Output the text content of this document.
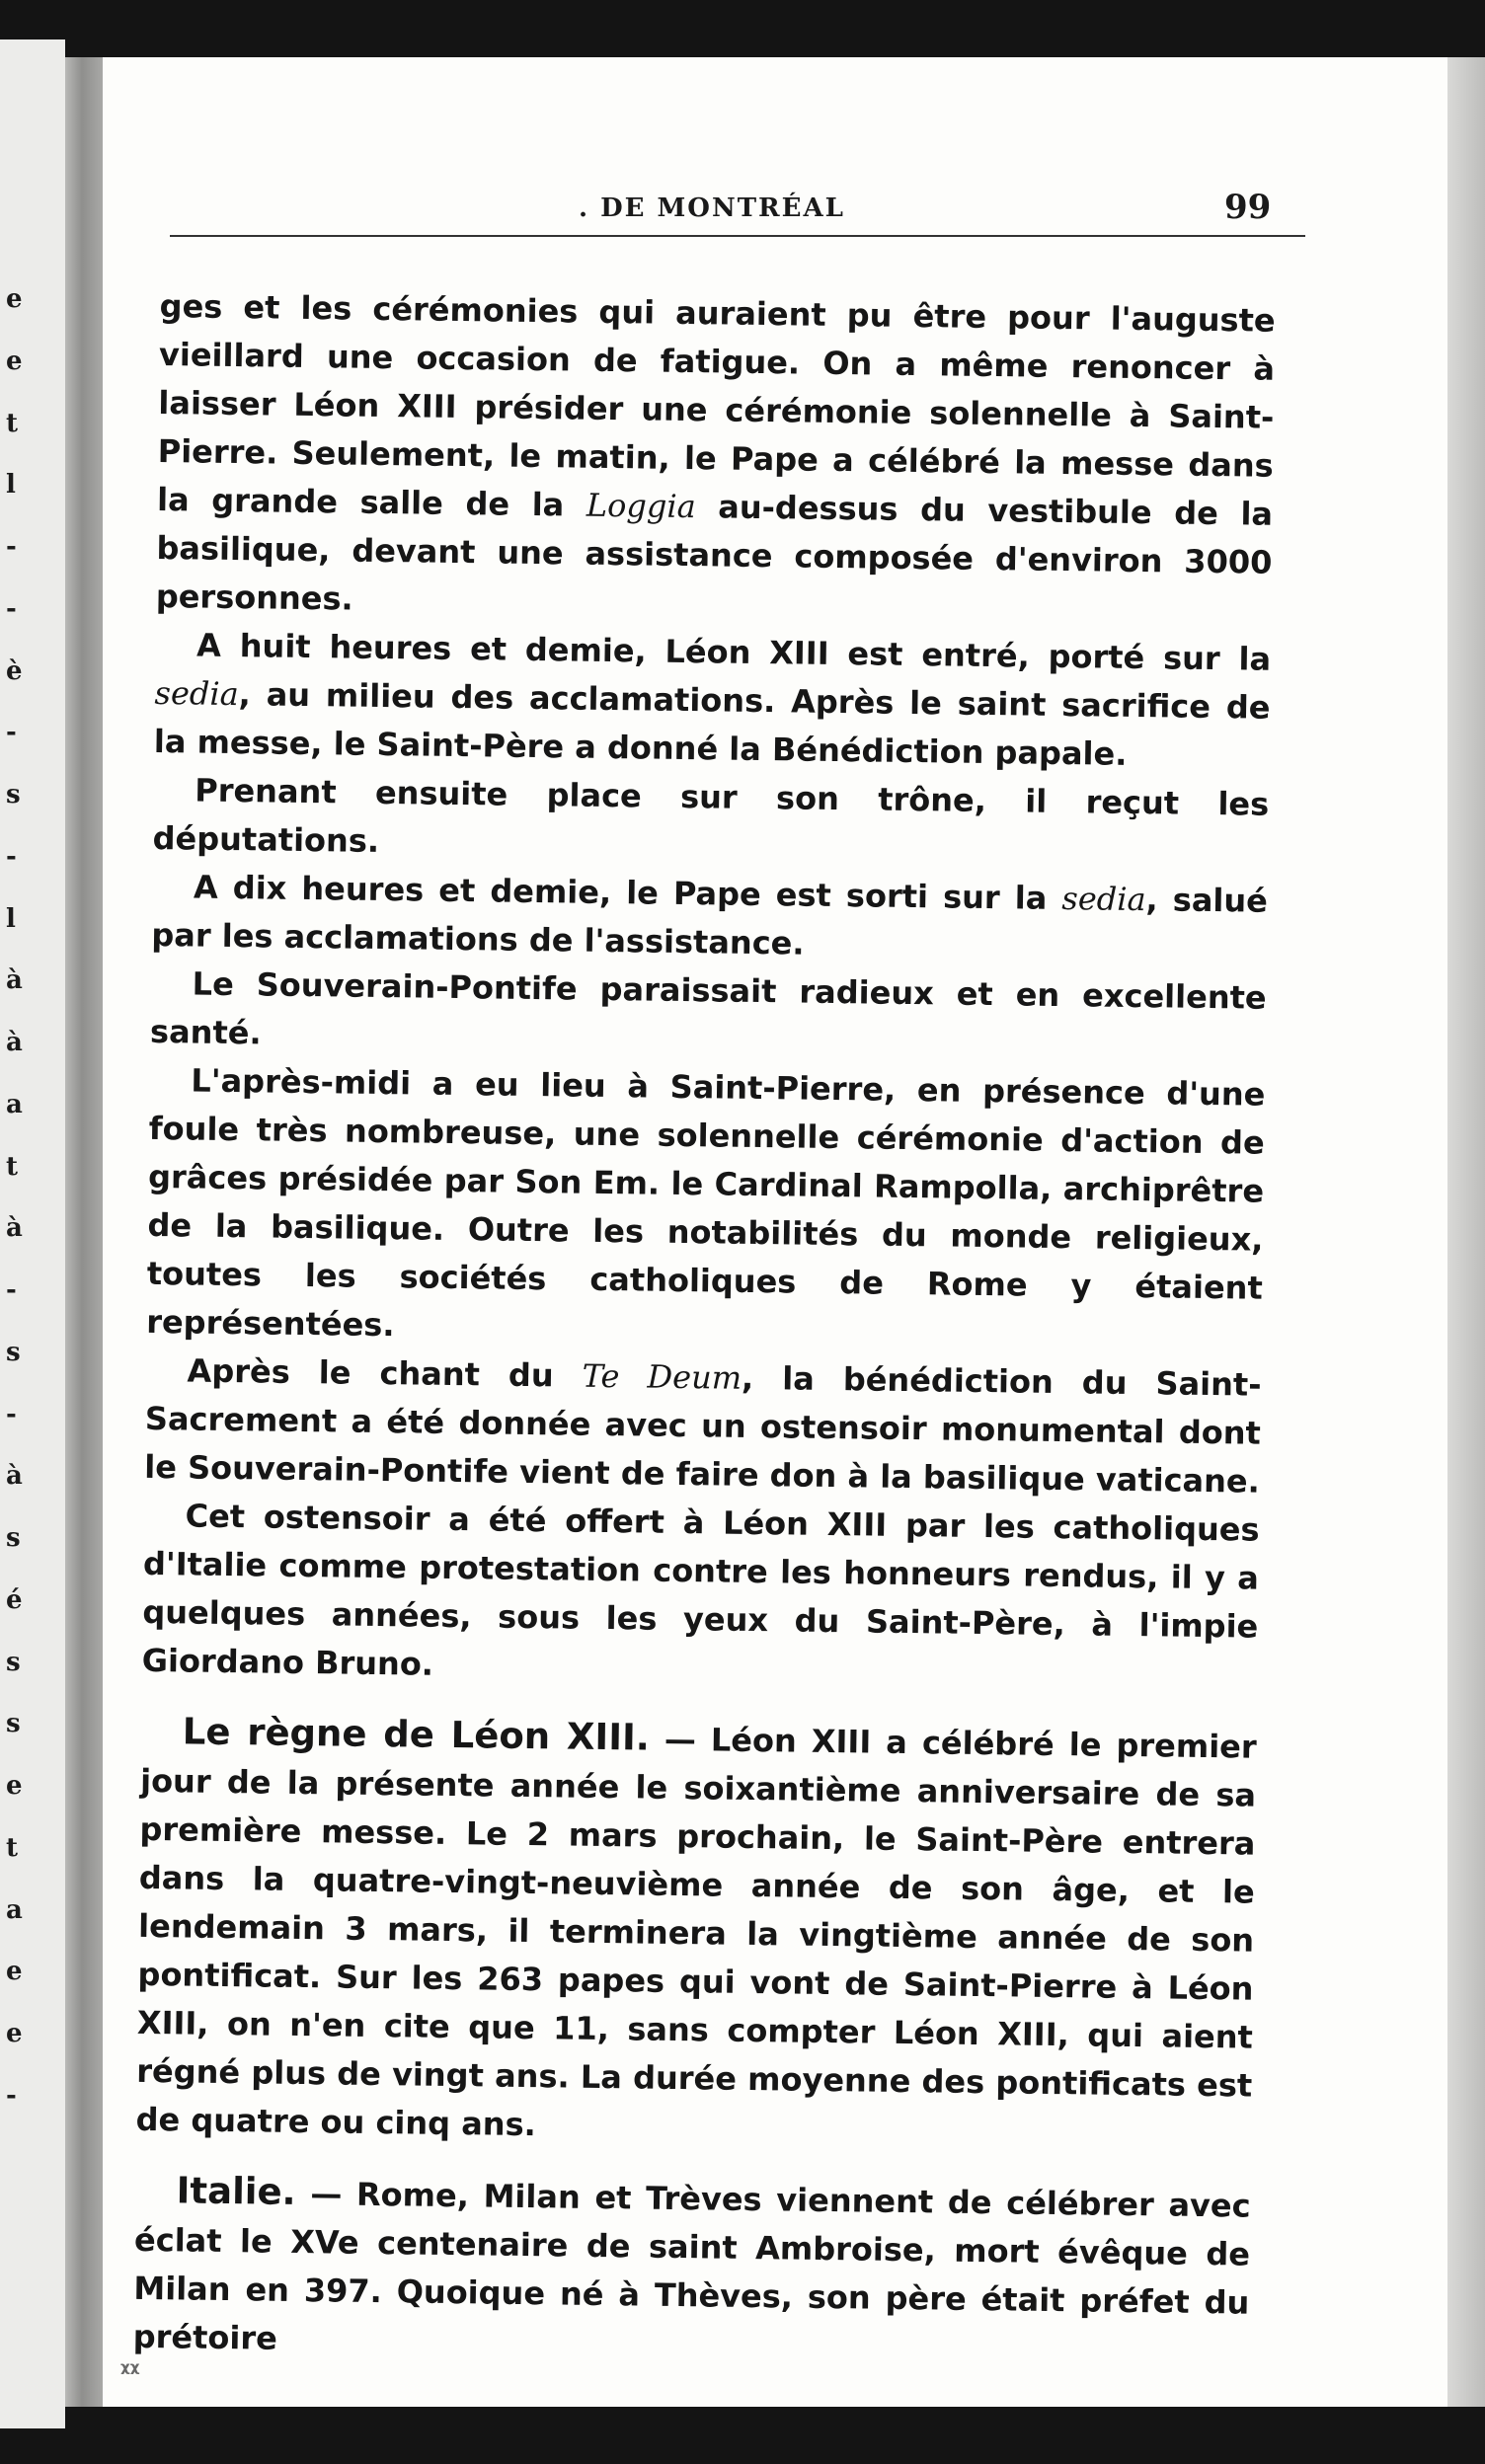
e
e
t
l
-
-
è
-
s
-
l
à
à
a
t
à
-
s
-
à
s
é
s
s
e
t
a
e
e
-
. DE MONTRÉAL	99

ges et les cérémonies qui auraient pu être pour l'auguste vieillard une occasion de fatigue. On a même renoncer à laisser Léon XIII présider une cérémonie solennelle à Saint-Pierre. Seulement, le matin, le Pape a célébré la messe dans la grande salle de la Loggia au-dessus du vestibule de la basilique, devant une assistance composée d'environ 3000 personnes.

A huit heures et demie, Léon XIII est entré, porté sur la sedia, au milieu des acclamations. Après le saint sacrifice de la messe, le Saint-Père a donné la Bénédiction papale.

Prenant ensuite place sur son trône, il reçut les députations.

A dix heures et demie, le Pape est sorti sur la sedia, salué par les acclamations de l'assistance.

Le Souverain-Pontife paraissait radieux et en excellente santé.

L'après-midi a eu lieu à Saint-Pierre, en présence d'une foule très nombreuse, une solennelle cérémonie d'action de grâces présidée par Son Em. le Cardinal Rampolla, archiprêtre de la basilique. Outre les notabilités du monde religieux, toutes les sociétés catholiques de Rome y étaient représentées.

Après le chant du Te Deum, la bénédiction du Saint-Sacrement a été donnée avec un ostensoir monumental dont le Souverain-Pontife vient de faire don à la basilique vaticane.

Cet ostensoir a été offert à Léon XIII par les catholiques d'Italie comme protestation contre les honneurs rendus, il y a quelques années, sous les yeux du Saint-Père, à l'impie Giordano Bruno.

Le règne de Léon XIII. — Léon XIII a célébré le premier jour de la présente année le soixantième anniversaire de sa première messe. Le 2 mars prochain, le Saint-Père entrera dans la quatre-vingt-neuvième année de son âge, et le lendemain 3 mars, il terminera la vingtième année de son pontificat. Sur les 263 papes qui vont de Saint-Pierre à Léon XIII, on n'en cite que 11, sans compter Léon XIII, qui aient régné plus de vingt ans. La durée moyenne des pontificats est de quatre ou cinq ans.

Italie. — Rome, Milan et Trèves viennent de célébrer avec éclat le XVe centenaire de saint Ambroise, mort évêque de Milan en 397. Quoique né à Thèves, son père était préfet du prétoire

ᵡᵡ
